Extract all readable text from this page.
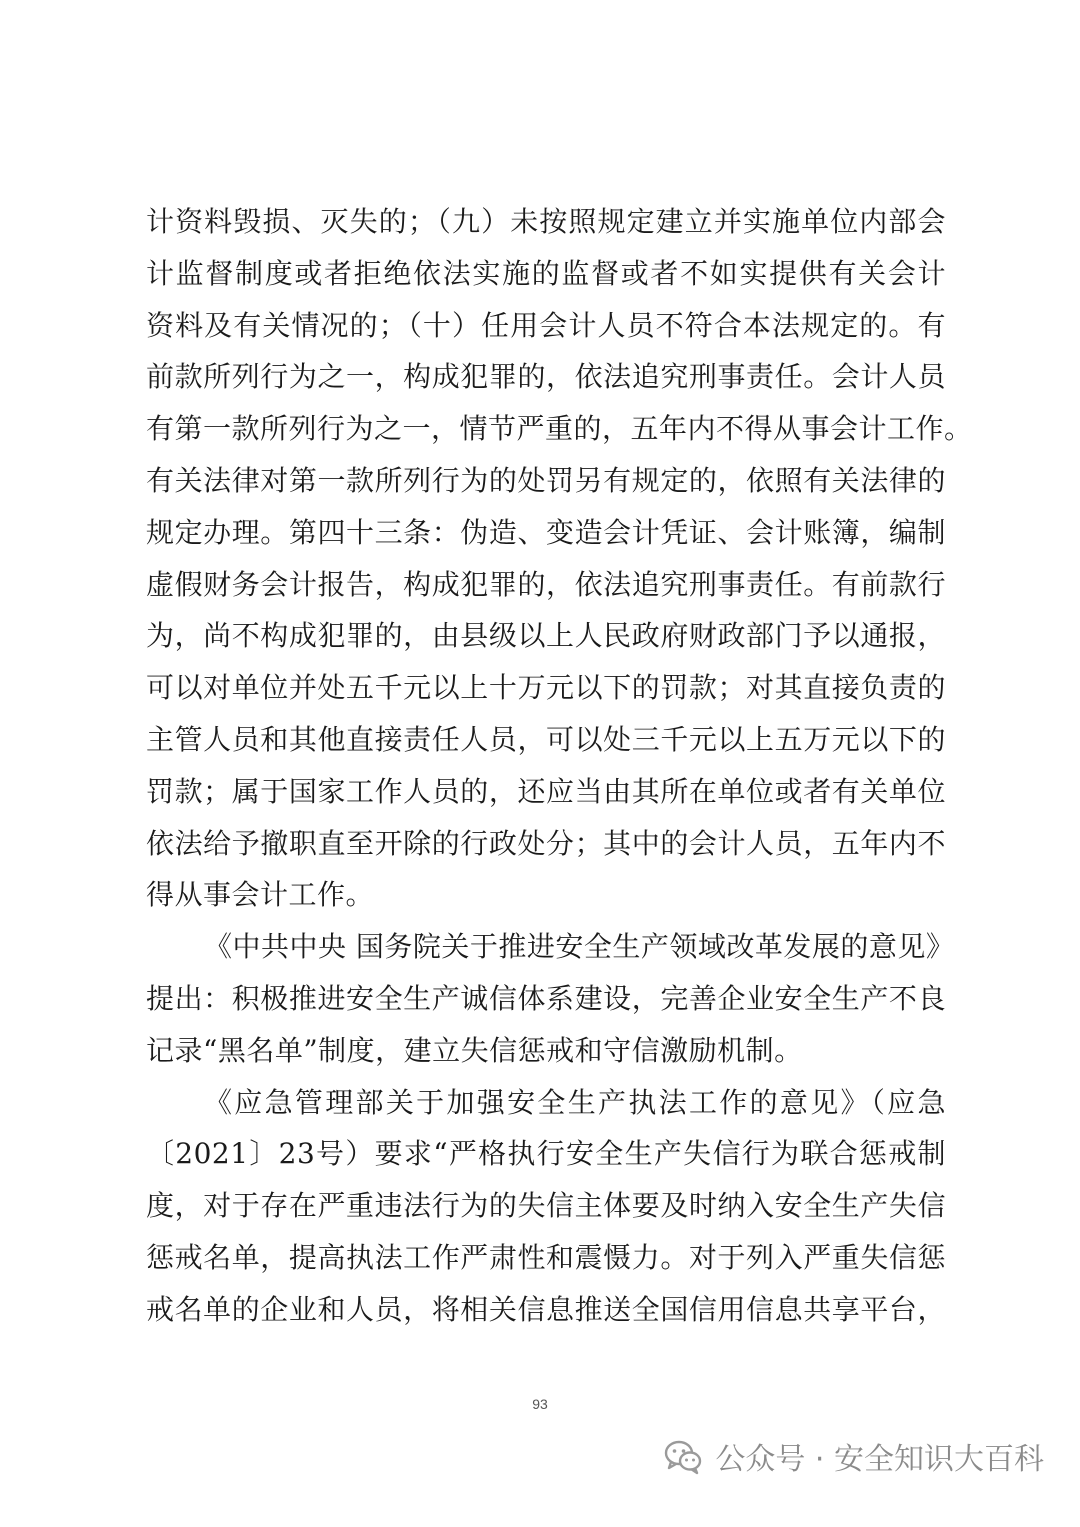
计资料毁损、灭失的；（九）未按照规定建立并实施单位内部会
计监督制度或者拒绝依法实施的监督或者不如实提供有关会计
资料及有关情况的；（十）任用会计人员不符合本法规定的。有
前款所列行为之一，构成犯罪的，依法追究刑事责任。会计人员
有第一款所列行为之一，情节严重的，五年内不得从事会计工作。
有关法律对第一款所列行为的处罚另有规定的，依照有关法律的
规定办理。第四十三条：伪造、变造会计凭证、会计账簿，编制
虚假财务会计报告，构成犯罪的，依法追究刑事责任。有前款行
为，尚不构成犯罪的，由县级以上人民政府财政部门予以通报，
可以对单位并处五千元以上十万元以下的罚款；对其直接负责的
主管人员和其他直接责任人员，可以处三千元以上五万元以下的
罚款；属于国家工作人员的，还应当由其所在单位或者有关单位
依法给予撤职直至开除的行政处分；其中的会计人员，五年内不
得从事会计工作。
《中共中央 国务院关于推进安全生产领域改革发展的意见》
提出：积极推进安全生产诚信体系建设，完善企业安全生产不良
记录“黑名单”制度，建立失信惩戒和守信激励机制。
《应急管理部关于加强安全生产执法工作的意见》（应急
〔2021〕23号）要求“严格执行安全生产失信行为联合惩戒制
度，对于存在严重违法行为的失信主体要及时纳入安全生产失信
惩戒名单，提高执法工作严肃性和震慑力。对于列入严重失信惩
戒名单的企业和人员，将相关信息推送全国信用信息共享平台，
93
公众号 · 安全知识大百科
